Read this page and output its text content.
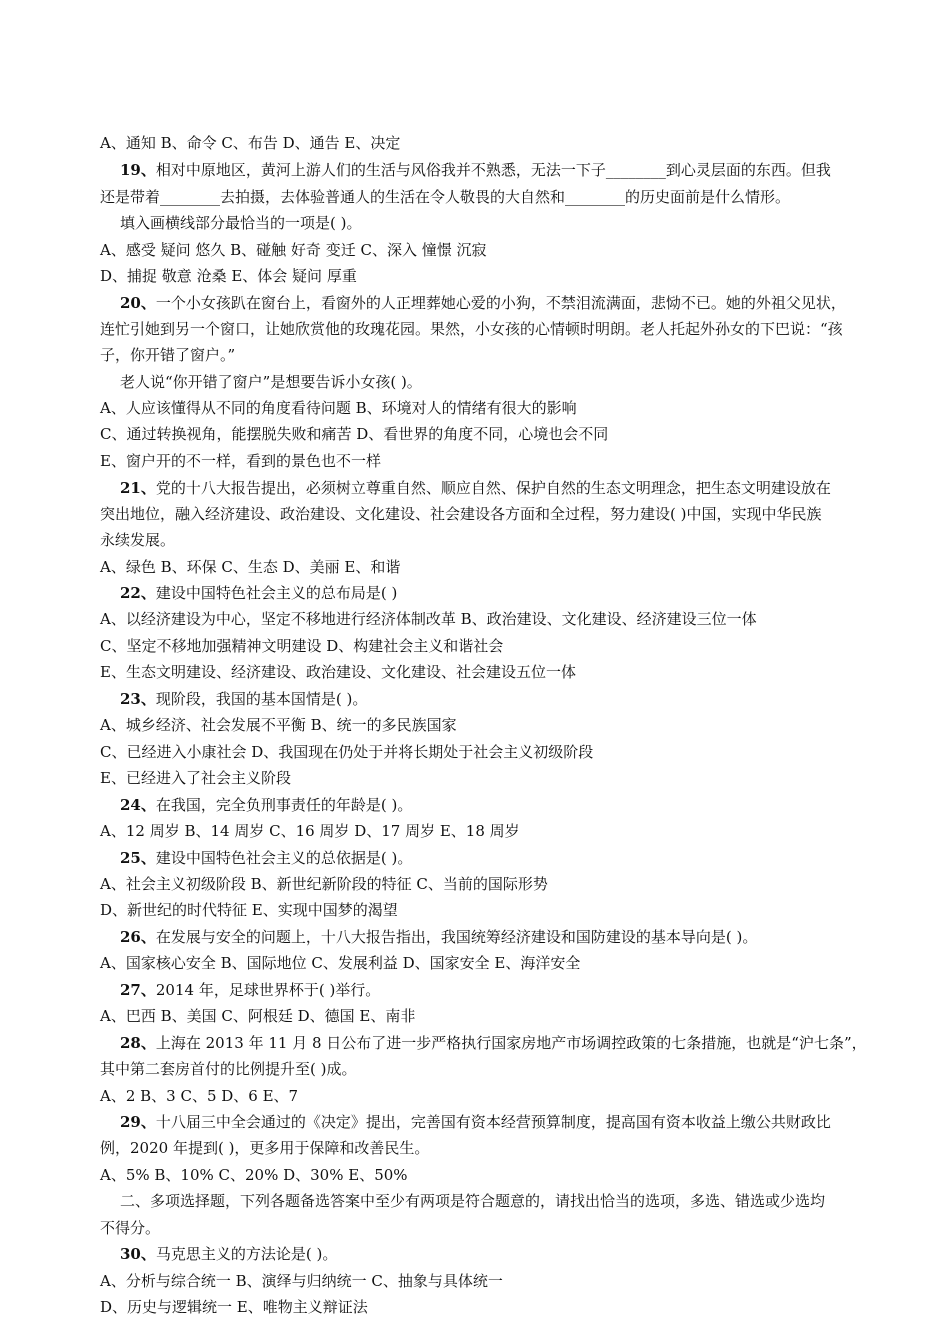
A、通知 B、命令 C、布告 D、通告 E、决定
19、相对中原地区，黄河上游人们的生活与风俗我并不熟悉，无法一下子________到心灵层面的东西。但我
还是带着________去拍摄，去体验普通人的生活在令人敬畏的大自然和________的历史面前是什么情形。
填入画横线部分最恰当的一项是( )。
A、感受 疑问 悠久 B、碰触 好奇 变迁 C、深入 憧憬 沉寂
D、捕捉 敬意 沧桑 E、体会 疑问 厚重
20、一个小女孩趴在窗台上，看窗外的人正埋葬她心爱的小狗，不禁泪流满面，悲恸不已。她的外祖父见状，
连忙引她到另一个窗口，让她欣赏他的玫瑰花园。果然，小女孩的心情顿时明朗。老人托起外孙女的下巴说：“孩
子，你开错了窗户。”
老人说“你开错了窗户”是想要告诉小女孩( )。
A、人应该懂得从不同的角度看待问题 B、环境对人的情绪有很大的影响
C、通过转换视角，能摆脱失败和痛苦 D、看世界的角度不同，心境也会不同
E、窗户开的不一样，看到的景色也不一样
21、党的十八大报告提出，必须树立尊重自然、顺应自然、保护自然的生态文明理念，把生态文明建设放在
突出地位，融入经济建设、政治建设、文化建设、社会建设各方面和全过程，努力建设( )中国，实现中华民族
永续发展。
A、绿色 B、环保 C、生态 D、美丽 E、和谐
22、建设中国特色社会主义的总布局是( )
A、以经济建设为中心，坚定不移地进行经济体制改革 B、政治建设、文化建设、经济建设三位一体
C、坚定不移地加强精神文明建设 D、构建社会主义和谐社会
E、生态文明建设、经济建设、政治建设、文化建设、社会建设五位一体
23、现阶段，我国的基本国情是( )。
A、城乡经济、社会发展不平衡 B、统一的多民族国家
C、已经进入小康社会 D、我国现在仍处于并将长期处于社会主义初级阶段
E、已经进入了社会主义阶段
24、在我国，完全负刑事责任的年龄是( )。
A、12 周岁 B、14 周岁 C、16 周岁 D、17 周岁 E、18 周岁
25、建设中国特色社会主义的总依据是( )。
A、社会主义初级阶段 B、新世纪新阶段的特征 C、当前的国际形势
D、新世纪的时代特征 E、实现中国梦的渴望
26、在发展与安全的问题上，十八大报告指出，我国统筹经济建设和国防建设的基本导向是( )。
A、国家核心安全 B、国际地位 C、发展利益 D、国家安全 E、海洋安全
27、2014 年，足球世界杯于( )举行。
A、巴西 B、美国 C、阿根廷 D、德国 E、南非
28、上海在 2013 年 11 月 8 日公布了进一步严格执行国家房地产市场调控政策的七条措施，也就是“沪七条”，
其中第二套房首付的比例提升至( )成。
A、2 B、3 C、5 D、6 E、7
29、十八届三中全会通过的《决定》提出，完善国有资本经营预算制度，提高国有资本收益上缴公共财政比
例，2020 年提到( )，更多用于保障和改善民生。
A、5% B、10% C、20% D、30% E、50%
二、多项选择题，下列各题备选答案中至少有两项是符合题意的，请找出恰当的选项，多选、错选或少选均
不得分。
30、马克思主义的方法论是( )。
A、分析与综合统一 B、演绎与归纳统一 C、抽象与具体统一
D、历史与逻辑统一 E、唯物主义辩证法
